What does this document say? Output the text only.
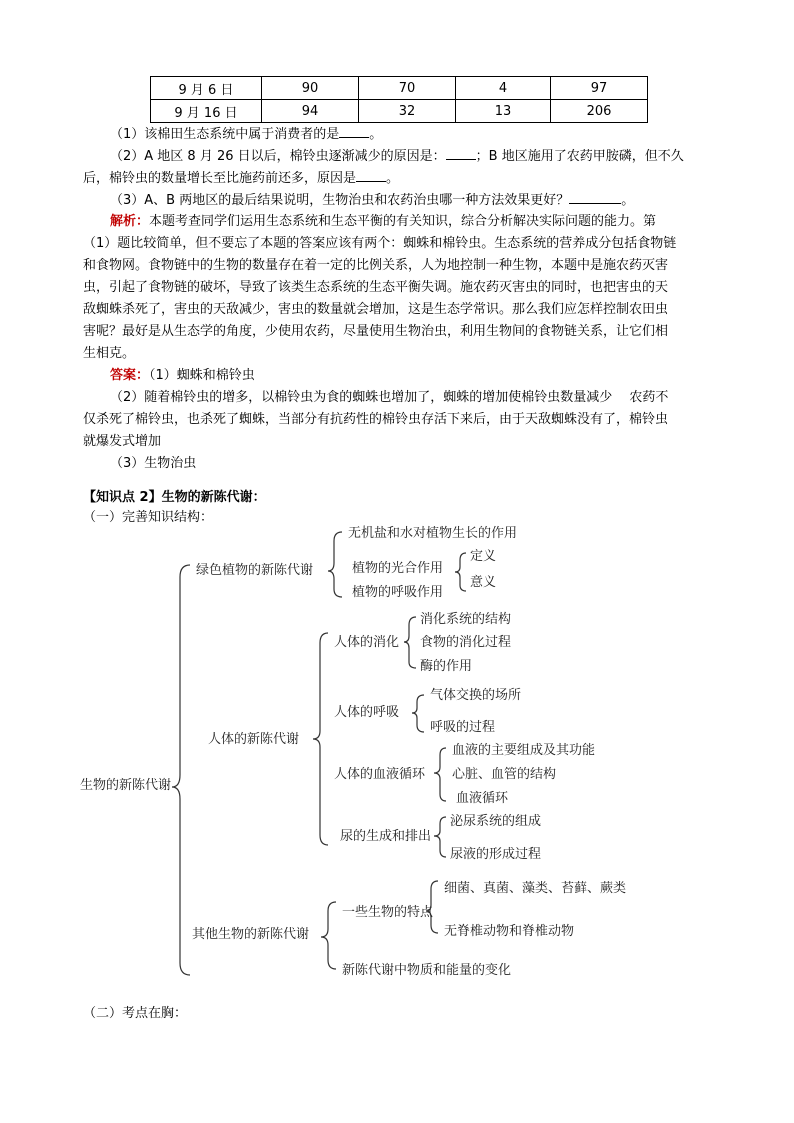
9 月 6 日	90	70	4	97
9 月 16 日	94	32	13	206
（1）该棉田生态系统中属于消费者的是 。
（2）A 地区 8 月 26 日以后，棉铃虫逐渐减少的原因是： ；B 地区施用了农药甲胺磷，但不久
后，棉铃虫的数量增长至比施药前还多，原因是 。
（3）A、B 两地区的最后结果说明，生物治虫和农药治虫哪一种方法效果更好？	。
解析：本题考查同学们运用生态系统和生态平衡的有关知识，综合分析解决实际问题的能力。第
（1）题比较简单，但不要忘了本题的答案应该有两个：蜘蛛和棉铃虫。生态系统的营养成分包括食物链
和食物网。食物链中的生物的数量存在着一定的比例关系，人为地控制一种生物，本题中是施农药灭害
虫，引起了食物链的破坏，导致了该类生态系统的生态平衡失调。施农药灭害虫的同时，也把害虫的天
敌蜘蛛杀死了，害虫的天敌减少，害虫的数量就会增加，这是生态学常识。那么我们应怎样控制农田虫
害呢？最好是从生态学的角度，少使用农药，尽量使用生物治虫，利用生物间的食物链关系，让它们相
生相克。
答案：（1）蜘蛛和棉铃虫
（2）随着棉铃虫的增多，以棉铃虫为食的蜘蛛也增加了，蜘蛛的增加使棉铃虫数量减少　 农药不
仅杀死了棉铃虫，也杀死了蜘蛛，当部分有抗药性的棉铃虫存活下来后，由于天敌蜘蛛没有了，棉铃虫
就爆发式增加
（3）生物治虫
【知识点 2】生物的新陈代谢：
（一）完善知识结构：
（二）考点在胸：
生物的新陈代谢
绿色植物的新陈代谢
无机盐和水对植物生长的作用
植物的光合作用
定义
意义
植物的呼吸作用
人体的新陈代谢
人体的消化
消化系统的结构
食物的消化过程
酶的作用
人体的呼吸
气体交换的场所
呼吸的过程
人体的血液循环
血液的主要组成及其功能
心脏、血管的结构
血液循环
尿的生成和排出
泌尿系统的组成
尿液的形成过程
其他生物的新陈代谢
一些生物的特点
细菌、真菌、藻类、苔藓、蕨类
无脊椎动物和脊椎动物
新陈代谢中物质和能量的变化
